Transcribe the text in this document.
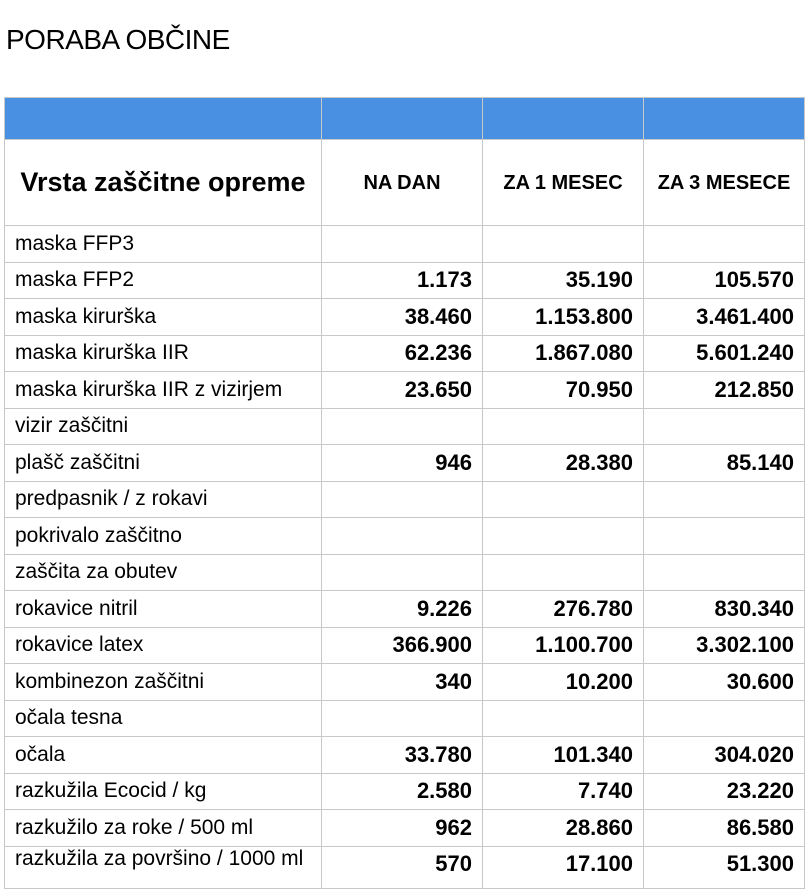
PORABA OBČINE

Vrsta zaščitne opreme	NA DAN	ZA 1 MESEC	ZA 3 MESECE
maska FFP3			
maska FFP2	1.173	35.190	105.570
maska kirurška	38.460	1.153.800	3.461.400
maska kirurška IIR	62.236	1.867.080	5.601.240
maska kirurška IIR z vizirjem	23.650	70.950	212.850
vizir zaščitni			
plašč zaščitni	946	28.380	85.140
predpasnik / z rokavi			
pokrivalo zaščitno			
zaščita za obutev			
rokavice nitril	9.226	276.780	830.340
rokavice latex	366.900	1.100.700	3.302.100
kombinezon zaščitni	340	10.200	30.600
očala tesna			
očala	33.780	101.340	304.020
razkužila Ecocid / kg	2.580	7.740	23.220
razkužilo za roke / 500 ml	962	28.860	86.580
razkužila za površino / 1000 ml	570	17.100	51.300
